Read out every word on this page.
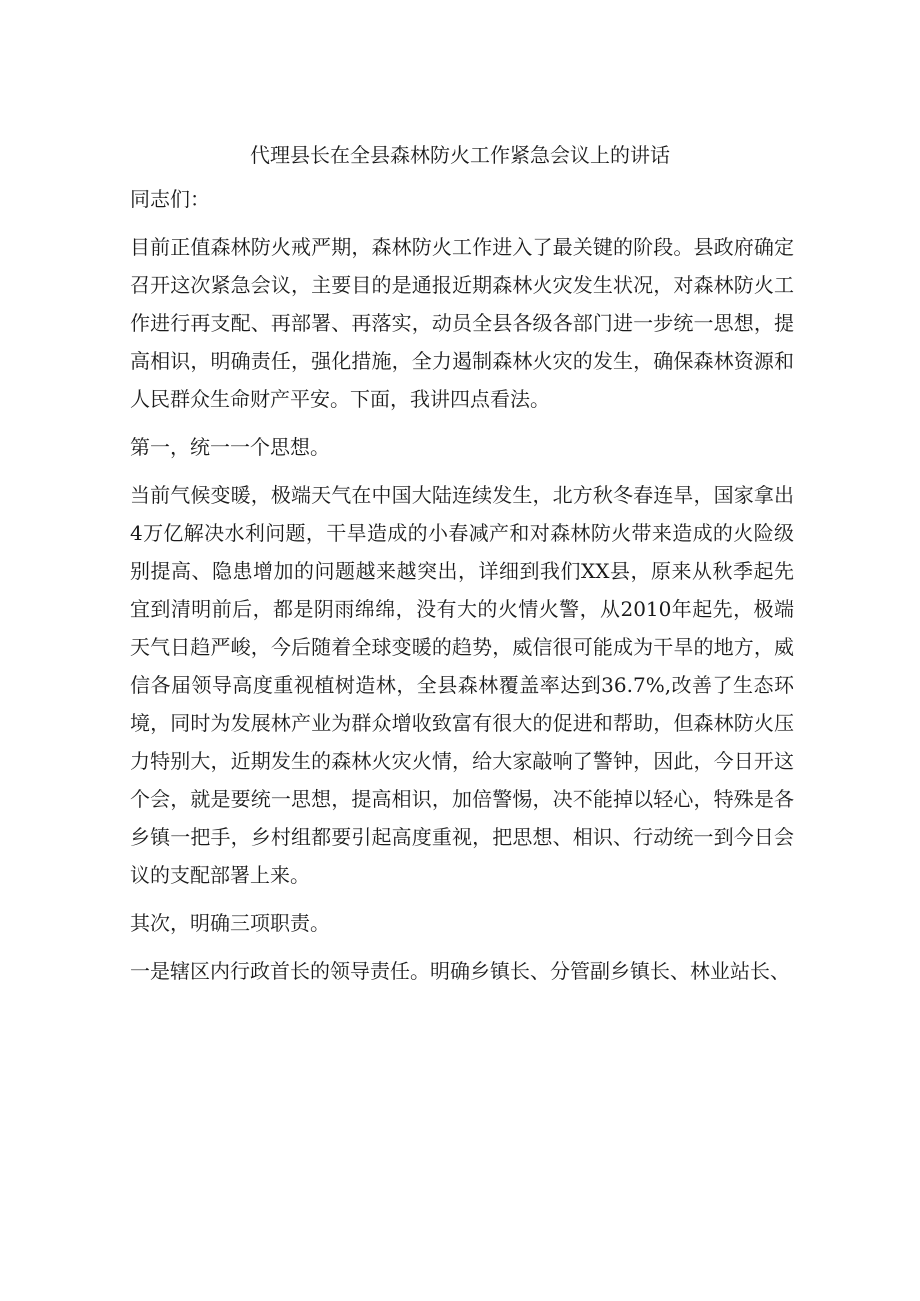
代理县长在全县森林防火工作紧急会议上的讲话

同志们：

目前正值森林防火戒严期，森林防火工作进入了最关键的阶段。县政府确定召开这次紧急会议，主要目的是通报近期森林火灾发生状况，对森林防火工作进行再支配、再部署、再落实，动员全县各级各部门进一步统一思想，提高相识，明确责任，强化措施，全力遏制森林火灾的发生，确保森林资源和人民群众生命财产平安。下面，我讲四点看法。

第一，统一一个思想。

当前气候变暖，极端天气在中国大陆连续发生，北方秋冬春连旱，国家拿出4万亿解决水利问题，干旱造成的小春减产和对森林防火带来造成的火险级别提高、隐患增加的问题越来越突出，详细到我们XX县，原来从秋季起先宜到清明前后，都是阴雨绵绵，没有大的火情火警，从2010年起先，极端天气日趋严峻，今后随着全球变暖的趋势，威信很可能成为干旱的地方，威信各届领导高度重视植树造林，全县森林覆盖率达到36.7%,改善了生态环境，同时为发展林产业为群众增收致富有很大的促进和帮助，但森林防火压力特别大，近期发生的森林火灾火情，给大家敲响了警钟，因此，今日开这个会，就是要统一思想，提高相识，加倍警惕，决不能掉以轻心，特殊是各乡镇一把手，乡村组都要引起高度重视，把思想、相识、行动统一到今日会议的支配部署上来。

其次，明确三项职责。

一是辖区内行政首长的领导责任。明确乡镇长、分管副乡镇长、林业站长、
